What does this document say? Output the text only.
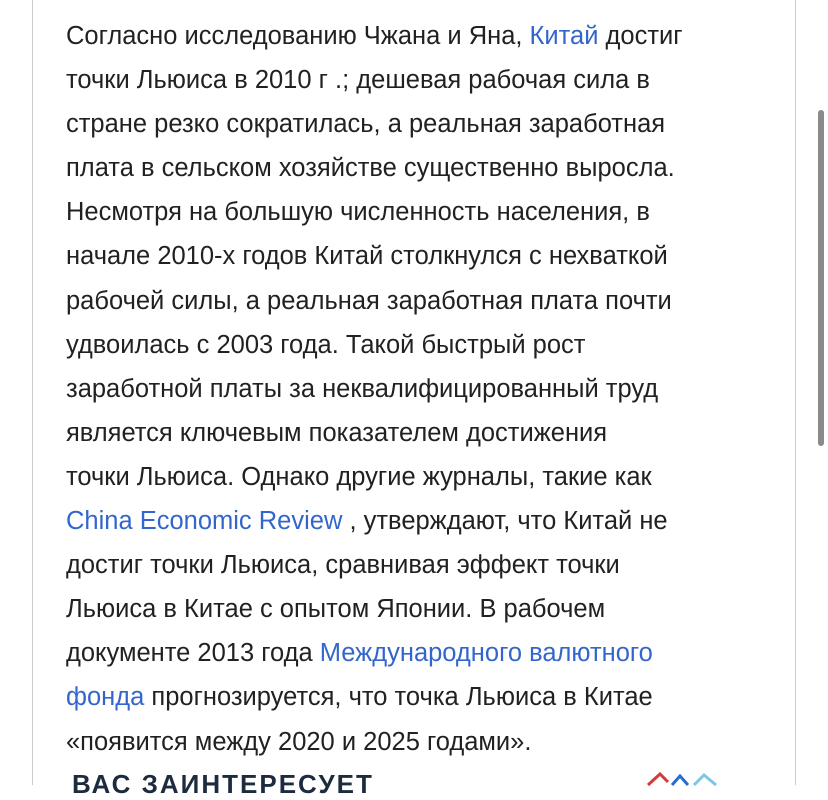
Согласно исследованию Чжана и Яна, Китай достиг
точки Льюиса в 2010 г .; дешевая рабочая сила в
стране резко сократилась, а реальная заработная
плата в сельском хозяйстве существенно выросла.
Несмотря на большую численность населения, в
начале 2010-х годов Китай столкнулся с нехваткой
рабочей силы, а реальная заработная плата почти
удвоилась с 2003 года. Такой быстрый рост
заработной платы за неквалифицированный труд
является ключевым показателем достижения
точки Льюиса. Однако другие журналы, такие как
China Economic Review , утверждают, что Китай не
достиг точки Льюиса, сравнивая эффект точки
Льюиса в Китае с опытом Японии. В рабочем
документе 2013 года Международного валютного
фонда прогнозируется, что точка Льюиса в Китае
«появится между 2020 и 2025 годами».
ВАС ЗАИНТЕРЕСУЕТ
